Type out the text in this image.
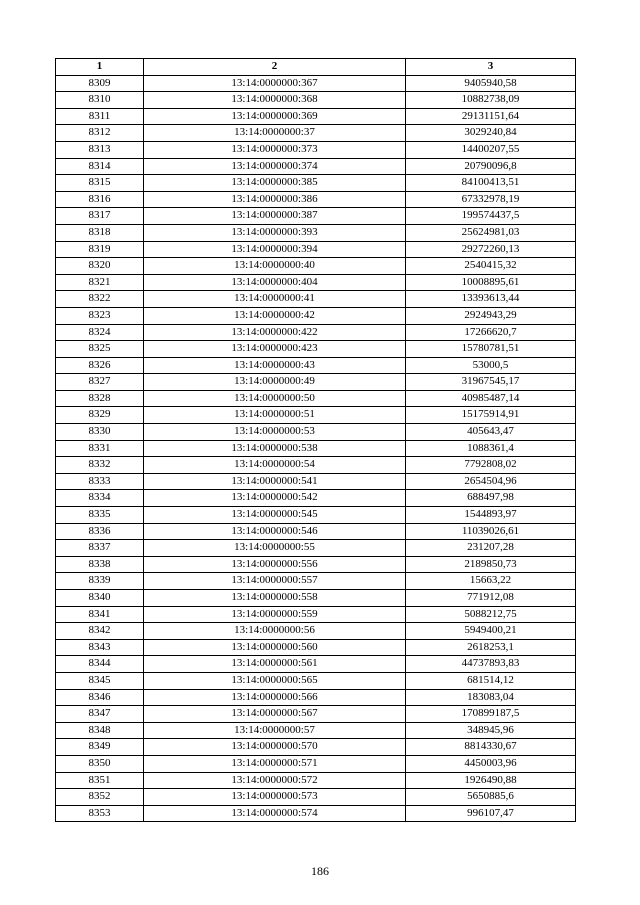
1	2	3
8309	13:14:0000000:367	9405940,58
8310	13:14:0000000:368	10882738,09
8311	13:14:0000000:369	29131151,64
8312	13:14:0000000:37	3029240,84
8313	13:14:0000000:373	14400207,55
8314	13:14:0000000:374	20790096,8
8315	13:14:0000000:385	84100413,51
8316	13:14:0000000:386	67332978,19
8317	13:14:0000000:387	199574437,5
8318	13:14:0000000:393	25624981,03
8319	13:14:0000000:394	29272260,13
8320	13:14:0000000:40	2540415,32
8321	13:14:0000000:404	10008895,61
8322	13:14:0000000:41	13393613,44
8323	13:14:0000000:42	2924943,29
8324	13:14:0000000:422	17266620,7
8325	13:14:0000000:423	15780781,51
8326	13:14:0000000:43	53000,5
8327	13:14:0000000:49	31967545,17
8328	13:14:0000000:50	40985487,14
8329	13:14:0000000:51	15175914,91
8330	13:14:0000000:53	405643,47
8331	13:14:0000000:538	1088361,4
8332	13:14:0000000:54	7792808,02
8333	13:14:0000000:541	2654504,96
8334	13:14:0000000:542	688497,98
8335	13:14:0000000:545	1544893,97
8336	13:14:0000000:546	11039026,61
8337	13:14:0000000:55	231207,28
8338	13:14:0000000:556	2189850,73
8339	13:14:0000000:557	15663,22
8340	13:14:0000000:558	771912,08
8341	13:14:0000000:559	5088212,75
8342	13:14:0000000:56	5949400,21
8343	13:14:0000000:560	2618253,1
8344	13:14:0000000:561	44737893,83
8345	13:14:0000000:565	681514,12
8346	13:14:0000000:566	183083,04
8347	13:14:0000000:567	170899187,5
8348	13:14:0000000:57	348945,96
8349	13:14:0000000:570	8814330,67
8350	13:14:0000000:571	4450003,96
8351	13:14:0000000:572	1926490,88
8352	13:14:0000000:573	5650885,6
8353	13:14:0000000:574	996107,47
186
